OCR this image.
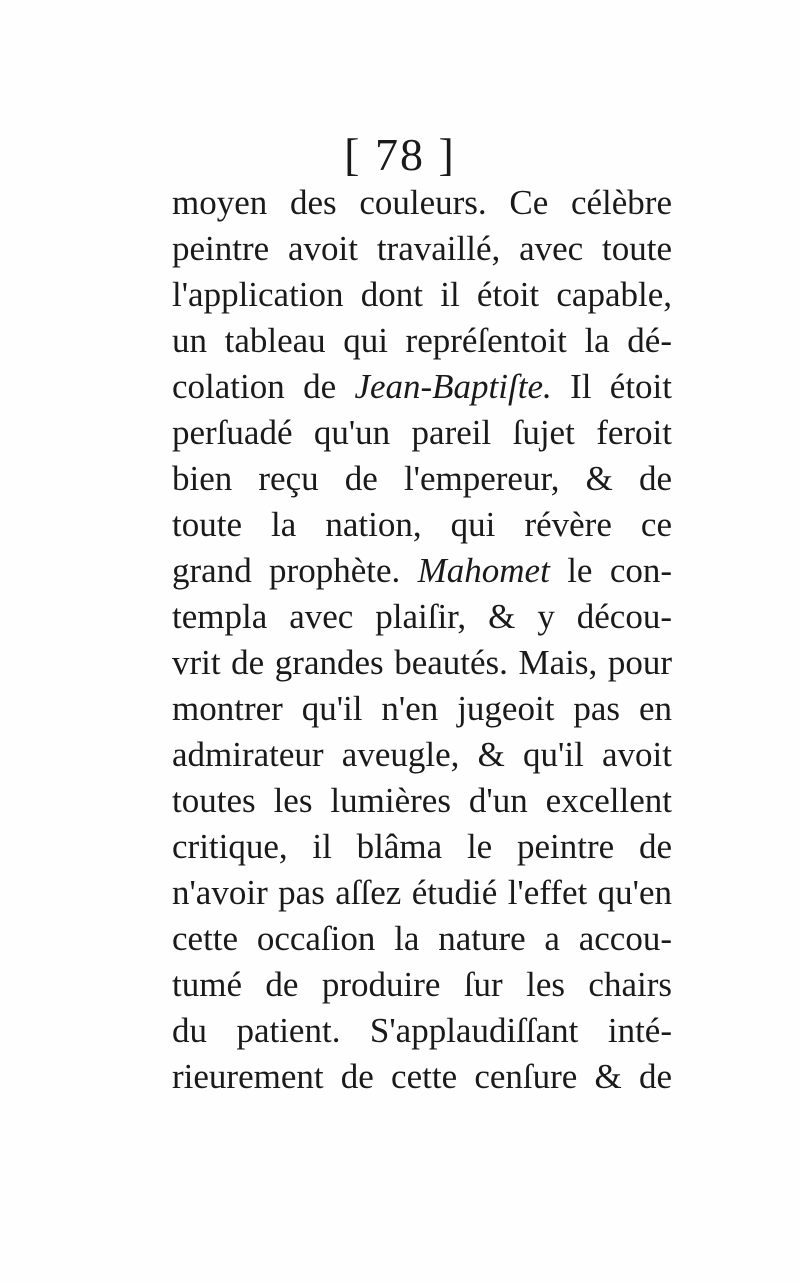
[ 78 ]
moyen des couleurs. Ce célèbre
peintre avoit travaillé, avec toute
l'application dont il étoit capable,
un tableau qui repréſentoit la dé-
colation de Jean-Baptiſte. Il étoit
perſuadé qu'un pareil ſujet feroit
bien reçu de l'empereur, & de
toute la nation, qui révère ce
grand prophète. Mahomet le con-
templa avec plaiſir, & y décou-
vrit de grandes beautés. Mais, pour
montrer qu'il n'en jugeoit pas en
admirateur aveugle, & qu'il avoit
toutes les lumières d'un excellent
critique, il blâma le peintre de
n'avoir pas aſſez étudié l'effet qu'en
cette occaſion la nature a accou-
tumé de produire ſur les chairs
du patient. S'applaudiſſant inté-
rieurement de cette cenſure & de
